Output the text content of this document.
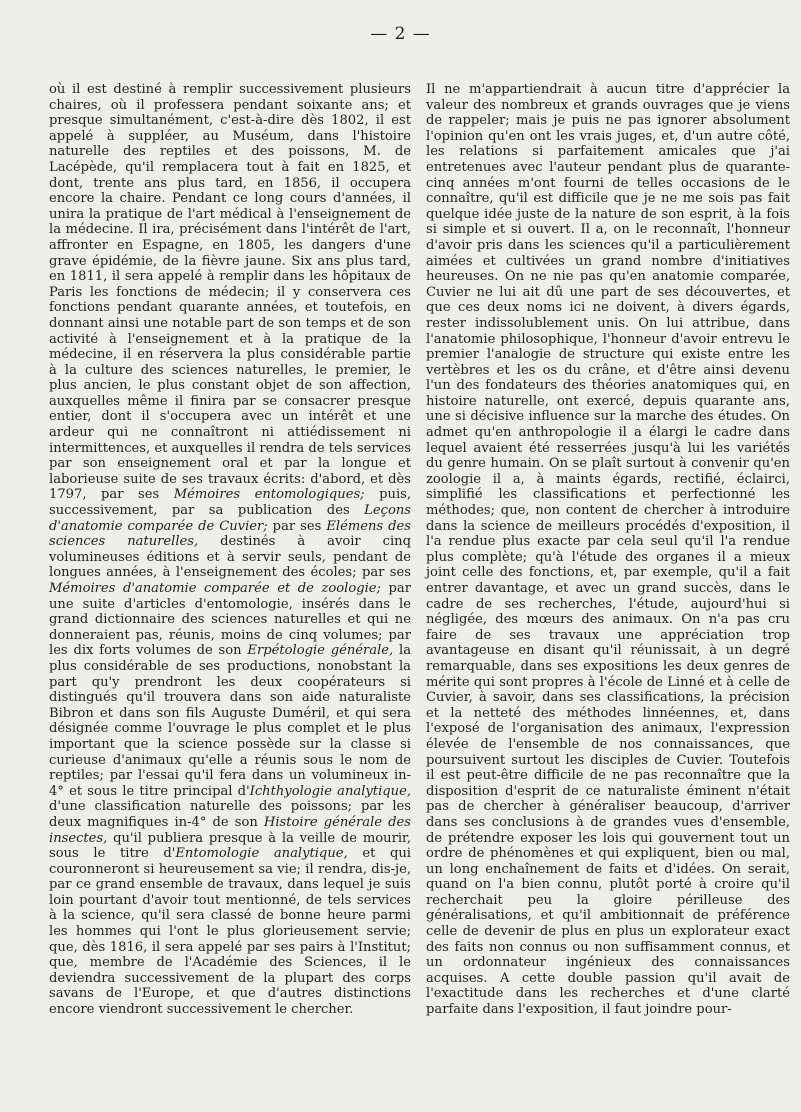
— 2 —

où il est destiné à remplir successivement plusieurs chaires, où il professera pendant soixante ans; et presque simultanément, c'est-à-dire dès 1802, il est appelé à suppléer, au Muséum, dans l'histoire naturelle des reptiles et des poissons, M. de Lacépède, qu'il remplacera tout à fait en 1825, et dont, trente ans plus tard, en 1856, il occupera encore la chaire. Pendant ce long cours d'années, il unira la pratique de l'art médical à l'enseignement de la médecine. Il ira, précisément dans l'intérêt de l'art, affronter en Espagne, en 1805, les dangers d'une grave épidémie, de la fièvre jaune. Six ans plus tard, en 1811, il sera appelé à remplir dans les hôpitaux de Paris les fonctions de médecin; il y conservera ces fonctions pendant quarante années, et toutefois, en donnant ainsi une notable part de son temps et de son activité à l'enseignement et à la pratique de la médecine, il en réservera la plus considérable partie à la culture des sciences naturelles, le premier, le plus ancien, le plus constant objet de son affection, auxquelles même il finira par se consacrer presque entier, dont il s'occupera avec un intérêt et une ardeur qui ne connaîtront ni attiédissement ni intermittences, et auxquelles il rendra de tels services par son enseignement oral et par la longue et laborieuse suite de ses travaux écrits: d'abord, et dès 1797, par ses Mémoires entomologiques; puis, successivement, par sa publication des Leçons d'anatomie comparée de Cuvier; par ses Elémens des sciences naturelles, destinés à avoir cinq volumineuses éditions et à servir seuls, pendant de longues années, à l'enseignement des écoles; par ses Mémoires d'anatomie comparée et de zoologie; par une suite d'articles d'entomologie, insérés dans le grand dictionnaire des sciences naturelles et qui ne donneraient pas, réunis, moins de cinq volumes; par les dix forts volumes de son Erpétologie générale, la plus considérable de ses productions, nonobstant la part qu'y prendront les deux coopérateurs si distingués qu'il trouvera dans son aide naturaliste Bibron et dans son fils Auguste Duméril, et qui sera désignée comme l'ouvrage le plus complet et le plus important que la science possède sur la classe si curieuse d'animaux qu'elle a réunis sous le nom de reptiles; par l'essai qu'il fera dans un volumineux in-4° et sous le titre principal d'Ichthyologie analytique, d'une classification naturelle des poissons; par les deux magnifiques in-4° de son Histoire générale des insectes, qu'il publiera presque à la veille de mourir, sous le titre d'Entomologie analytique, et qui couronneront si heureusement sa vie; il rendra, dis-je, par ce grand ensemble de travaux, dans lequel je suis loin pourtant d'avoir tout mentionné, de tels services à la science, qu'il sera classé de bonne heure parmi les hommes qui l'ont le plus glorieusement servie; que, dès 1816, il sera appelé par ses pairs à l'Institut; que, membre de l'Académie des Sciences, il le deviendra successivement de la plupart des corps savans de l'Europe, et que d'autres distinctions encore viendront successivement le chercher.

Il ne m'appartiendrait à aucun titre d'apprécier la valeur des nombreux et grands ouvrages que je viens de rappeler; mais je puis ne pas ignorer absolument l'opinion qu'en ont les vrais juges, et, d'un autre côté, les relations si parfaitement amicales que j'ai entretenues avec l'auteur pendant plus de quarante-cinq années m'ont fourni de telles occasions de le connaître, qu'il est difficile que je ne me sois pas fait quelque idée juste de la nature de son esprit, à la fois si simple et si ouvert. Il a, on le reconnaît, l'honneur d'avoir pris dans les sciences qu'il a particulièrement aimées et cultivées un grand nombre d'initiatives heureuses. On ne nie pas qu'en anatomie comparée, Cuvier ne lui ait dû une part de ses découvertes, et que ces deux noms ici ne doivent, à divers égards, rester indissolublement unis. On lui attribue, dans l'anatomie philosophique, l'honneur d'avoir entrevu le premier l'analogie de structure qui existe entre les vertèbres et les os du crâne, et d'être ainsi devenu l'un des fondateurs des théories anatomiques qui, en histoire naturelle, ont exercé, depuis quarante ans, une si décisive influence sur la marche des études. On admet qu'en anthropologie il a élargi le cadre dans lequel avaient été resserrées jusqu'à lui les variétés du genre humain. On se plaît surtout à convenir qu'en zoologie il a, à maints égards, rectifié, éclairci, simplifié les classifications et perfectionné les méthodes; que, non content de chercher à introduire dans la science de meilleurs procédés d'exposition, il l'a rendue plus exacte par cela seul qu'il l'a rendue plus complète; qu'à l'étude des organes il a mieux joint celle des fonctions, et, par exemple, qu'il a fait entrer davantage, et avec un grand succès, dans le cadre de ses recherches, l'étude, aujourd'hui si négligée, des mœurs des animaux. On n'a pas cru faire de ses travaux une appréciation trop avantageuse en disant qu'il réunissait, à un degré remarquable, dans ses expositions les deux genres de mérite qui sont propres à l'école de Linné et à celle de Cuvier, à savoir, dans ses classifications, la précision et la netteté des méthodes linnéennes, et, dans l'exposé de l'organisation des animaux, l'expression élevée de l'ensemble de nos connaissances, que poursuivent surtout les disciples de Cuvier. Toutefois il est peut-être difficile de ne pas reconnaître que la disposition d'esprit de ce naturaliste éminent n'était pas de chercher à généraliser beaucoup, d'arriver dans ses conclusions à de grandes vues d'ensemble, de prétendre exposer les lois qui gouvernent tout un ordre de phénomènes et qui expliquent, bien ou mal, un long enchaînement de faits et d'idées. On serait, quand on l'a bien connu, plutôt porté à croire qu'il recherchait peu la gloire périlleuse des généralisations, et qu'il ambitionnait de préférence celle de devenir de plus en plus un explorateur exact des faits non connus ou non suffisamment connus, et un ordonnateur ingénieux des connaissances acquises. A cette double passion qu'il avait de l'exactitude dans les recherches et d'une clarté parfaite dans l'exposition, il faut joindre pour-
